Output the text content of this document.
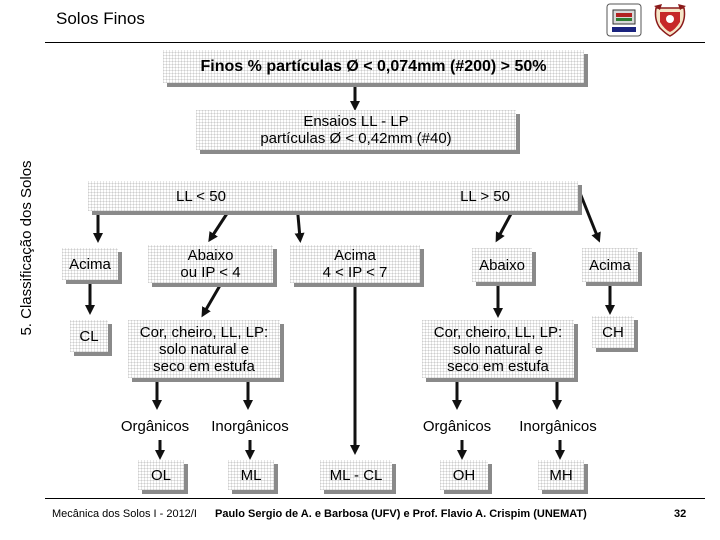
Solos Finos
5. Classificação dos Solos
Finos % partículas Ø < 0,074mm (#200) > 50%
Ensaios LL - LP
partículas Ø < 0,42mm (#40)
LL < 50	LL > 50
Acima	Abaixo
ou IP < 4
Acima
4 < IP < 7	Abaixo	Acima
CL	Cor, cheiro, LL, LP:
solo natural e
seco em estufa
Cor, cheiro, LL, LP:
solo natural e
seco em estufa
CH
Orgânicos	Inorgânicos	Orgânicos	Inorgânicos
OL	ML	ML - CL	OH	MH
Mecânica dos Solos I - 2012/I Paulo Sergio de A. e Barbosa (UFV) e Prof. Flavio A. Crispim (UNEMAT)	32
